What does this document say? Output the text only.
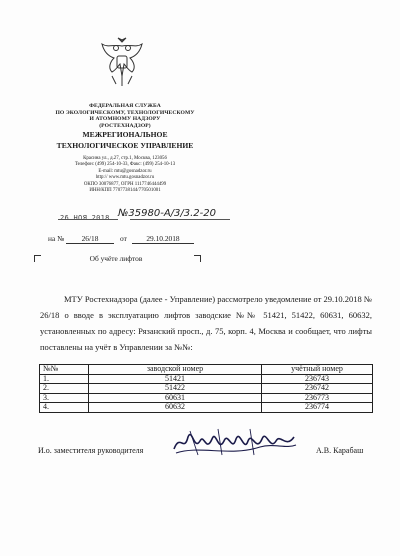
ФЕДЕРАЛЬНАЯ СЛУЖБА
ПО ЭКОЛОГИЧЕСКОМУ, ТЕХНОЛОГИЧЕСКОМУ
И АТОМНОМУ НАДЗОРУ
(РОСТЕХНАДЗОР)
МЕЖРЕГИОНАЛЬНОЕ
ТЕХНОЛОГИЧЕСКОЕ УПРАВЛЕНИЕ
Красина ул., д.27, стр.1, Москва, 123056
Телефон: (499) 254-10-33, Факс: (499) 254-10-13
E-mail: mtu@gosnadzor.ru
http:// www.mtu.gosnadzor.ru
ОКПО 30076877, ОГРН 1117746444499
ИНН/КПП 7707738144/770501001
26 НОЯ 2018 №35980-А/3/3.2-20
на №	26/18	от	29.10.2018
Об учёте лифтов
МТУ Ростехнадзора (далее - Управление) рассмотрело уведомление от 29.10.2018 № 26/18 о вводе в эксплуатацию лифтов заводские №№ 51421, 51422, 60631, 60632, установленных по адресу: Рязанский просп., д. 75, корп. 4, Москва и сообщает, что лифты поставлены на учёт в Управлении за №№:
№№	заводской номер	учётный номер
1.	51421	236743
2.	51422	236742
3.	60631	236773
4.	60632	236774
И.о. заместителя руководителя	А.В. Карабаш
